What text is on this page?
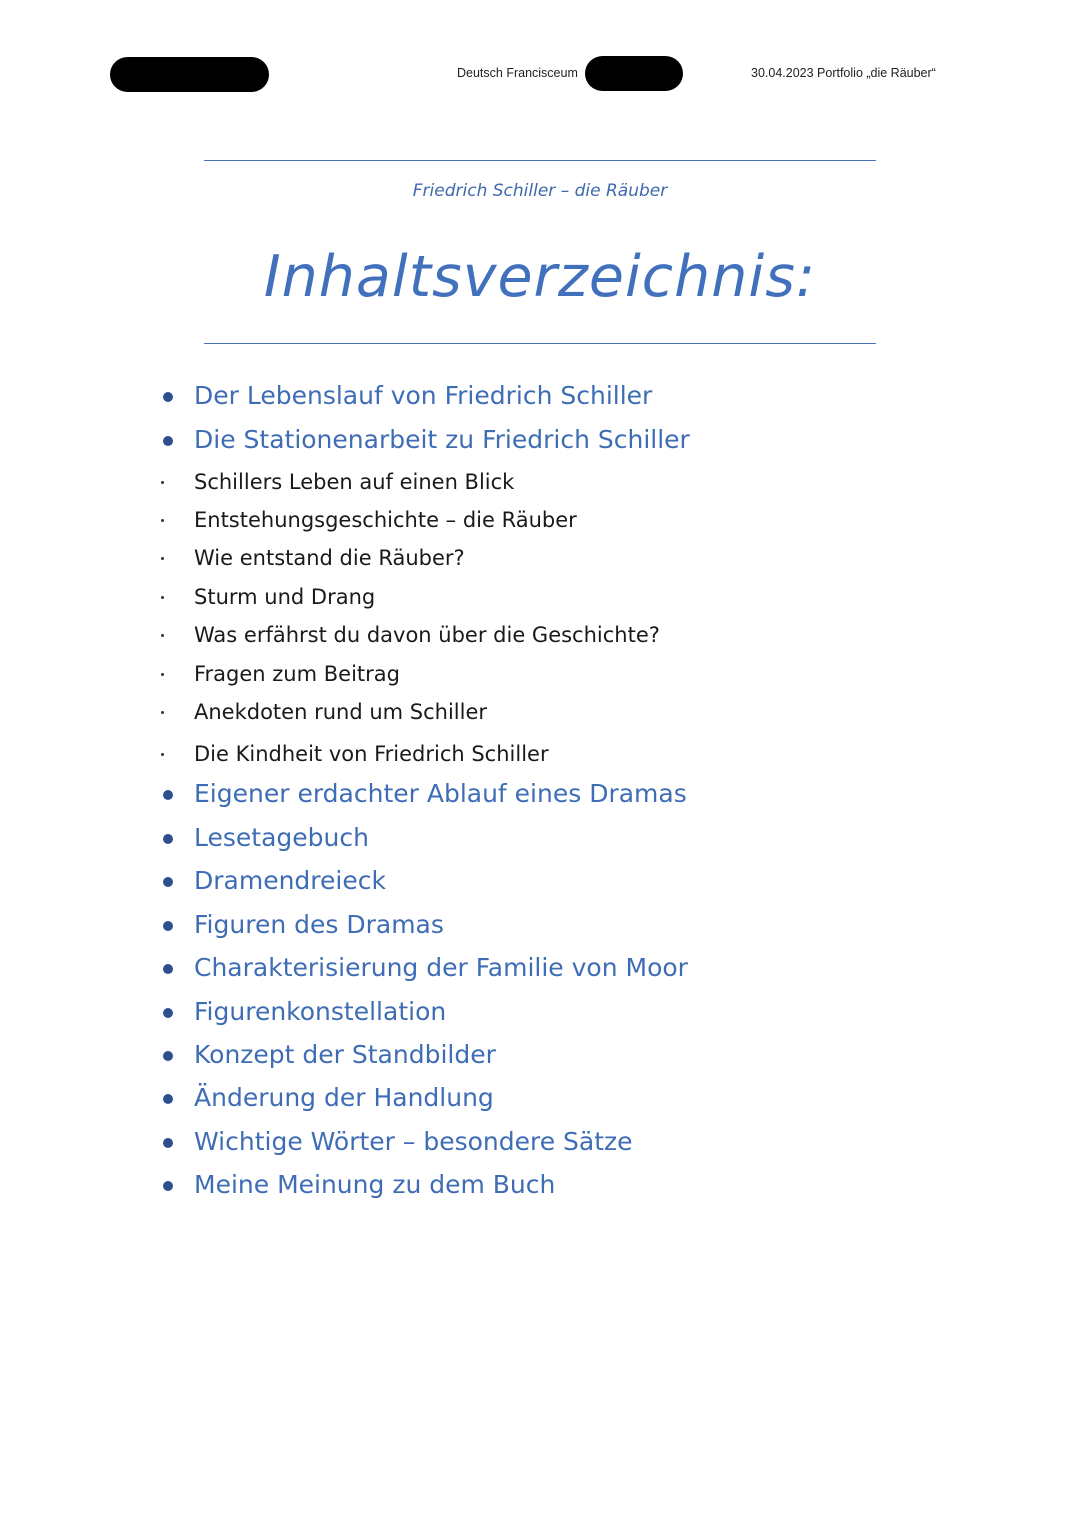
Deutsch Francisceum	30.04.2023 Portfolio „die Räuber“
Friedrich Schiller – die Räuber
Inhaltsverzeichnis:
Der Lebenslauf von Friedrich Schiller
Die Stationenarbeit zu Friedrich Schiller
Schillers Leben auf einen Blick
Entstehungsgeschichte – die Räuber
Wie entstand die Räuber?
Sturm und Drang
Was erfährst du davon über die Geschichte?
Fragen zum Beitrag
Anekdoten rund um Schiller
Die Kindheit von Friedrich Schiller
Eigener erdachter Ablauf eines Dramas
Lesetagebuch
Dramendreieck
Figuren des Dramas
Charakterisierung der Familie von Moor
Figurenkonstellation
Konzept der Standbilder
Änderung der Handlung
Wichtige Wörter – besondere Sätze
Meine Meinung zu dem Buch
